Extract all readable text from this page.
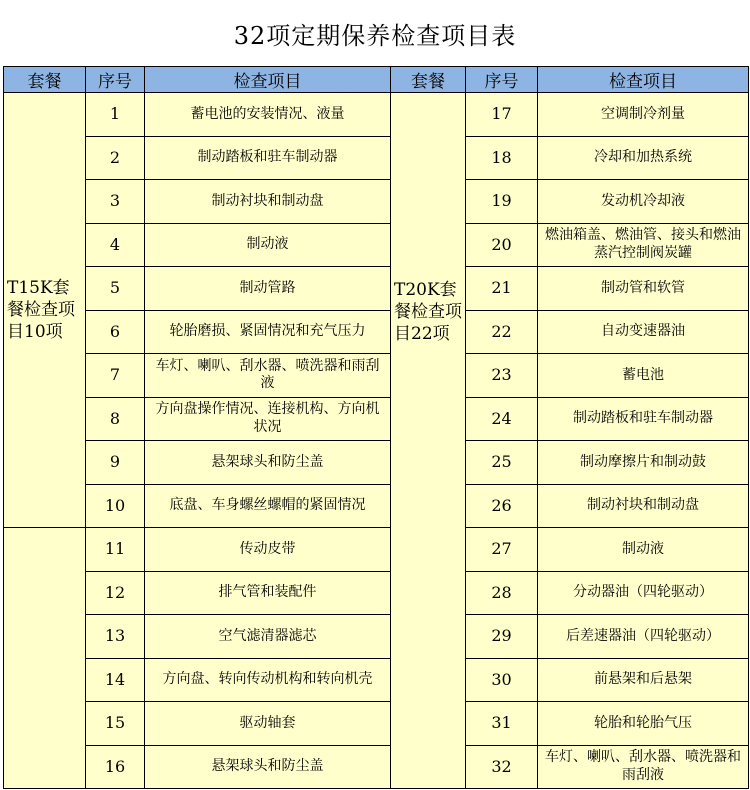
32项定期保养检查项目表
套餐	序号	检查项目	套餐	序号	检查项目
T15K套餐检查项目10项	1	蓄电池的安装情况、液量	T20K套餐检查项目22项	17	空调制冷剂量
	2	制动踏板和驻车制动器		18	冷却和加热系统
	3	制动衬块和制动盘		19	发动机冷却液
	4	制动液		20	燃油箱盖、燃油管、接头和燃油蒸汽控制阀炭罐
	5	制动管路		21	制动管和软管
	6	轮胎磨损、紧固情况和充气压力		22	自动变速器油
	7	车灯、喇叭、刮水器、喷洗器和雨刮液		23	蓄电池
	8	方向盘操作情况、连接机构、方向机状况		24	制动踏板和驻车制动器
	9	悬架球头和防尘盖		25	制动摩擦片和制动鼓
	10	底盘、车身螺丝螺帽的紧固情况		26	制动衬块和制动盘
	11	传动皮带		27	制动液
	12	排气管和装配件		28	分动器油（四轮驱动）
	13	空气滤清器滤芯		29	后差速器油（四轮驱动）
	14	方向盘、转向传动机构和转向机壳		30	前悬架和后悬架
	15	驱动轴套		31	轮胎和轮胎气压
	16	悬架球头和防尘盖		32	车灯、喇叭、刮水器、喷洗器和雨刮液
